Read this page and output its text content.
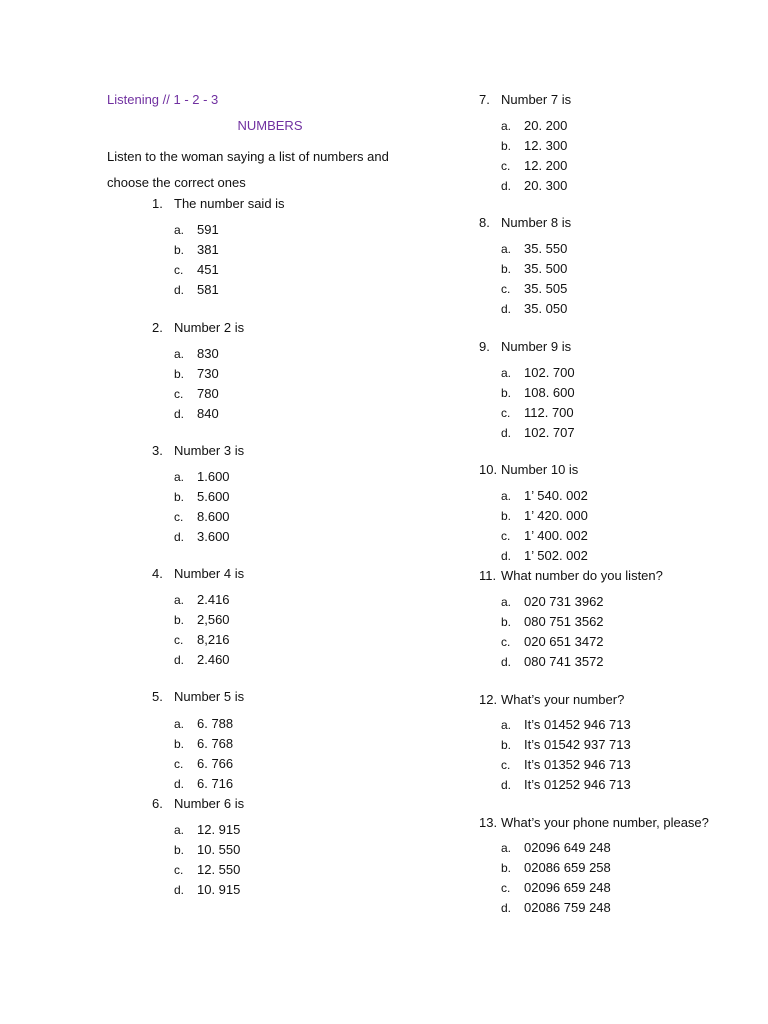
Listening // 1 - 2 - 3
NUMBERS
Listen to the woman saying a list of numbers and choose the correct ones
1. The number said is
a. 591
b. 381
c. 451
d. 581
2. Number 2 is
a. 830
b. 730
c. 780
d. 840
3. Number 3 is
a. 1.600
b. 5.600
c. 8.600
d. 3.600
4. Number 4 is
a. 2.416
b. 2,560
c. 8,216
d. 2.460
5. Number 5 is
a. 6. 788
b. 6. 768
c. 6. 766
d. 6. 716
6. Number 6 is
a. 12. 915
b. 10. 550
c. 12. 550
d. 10. 915
7. Number 7 is
a. 20. 200
b. 12. 300
c. 12. 200
d. 20. 300
8. Number 8 is
a. 35. 550
b. 35. 500
c. 35. 505
d. 35. 050
9. Number 9 is
a. 102. 700
b. 108. 600
c. 112. 700
d. 102. 707
10. Number 10 is
a. 1’ 540. 002
b. 1’ 420. 000
c. 1’ 400. 002
d. 1’ 502. 002
11. What number do you listen?
a. 020 731 3962
b. 080 751 3562
c. 020 651 3472
d. 080 741 3572
12. What’s your number?
a. It’s 01452 946 713
b. It’s 01542 937 713
c. It’s 01352 946 713
d. It’s 01252 946 713
13. What’s your phone number, please?
a. 02096 649 248
b. 02086 659 258
c. 02096 659 248
d. 02086 759 248
